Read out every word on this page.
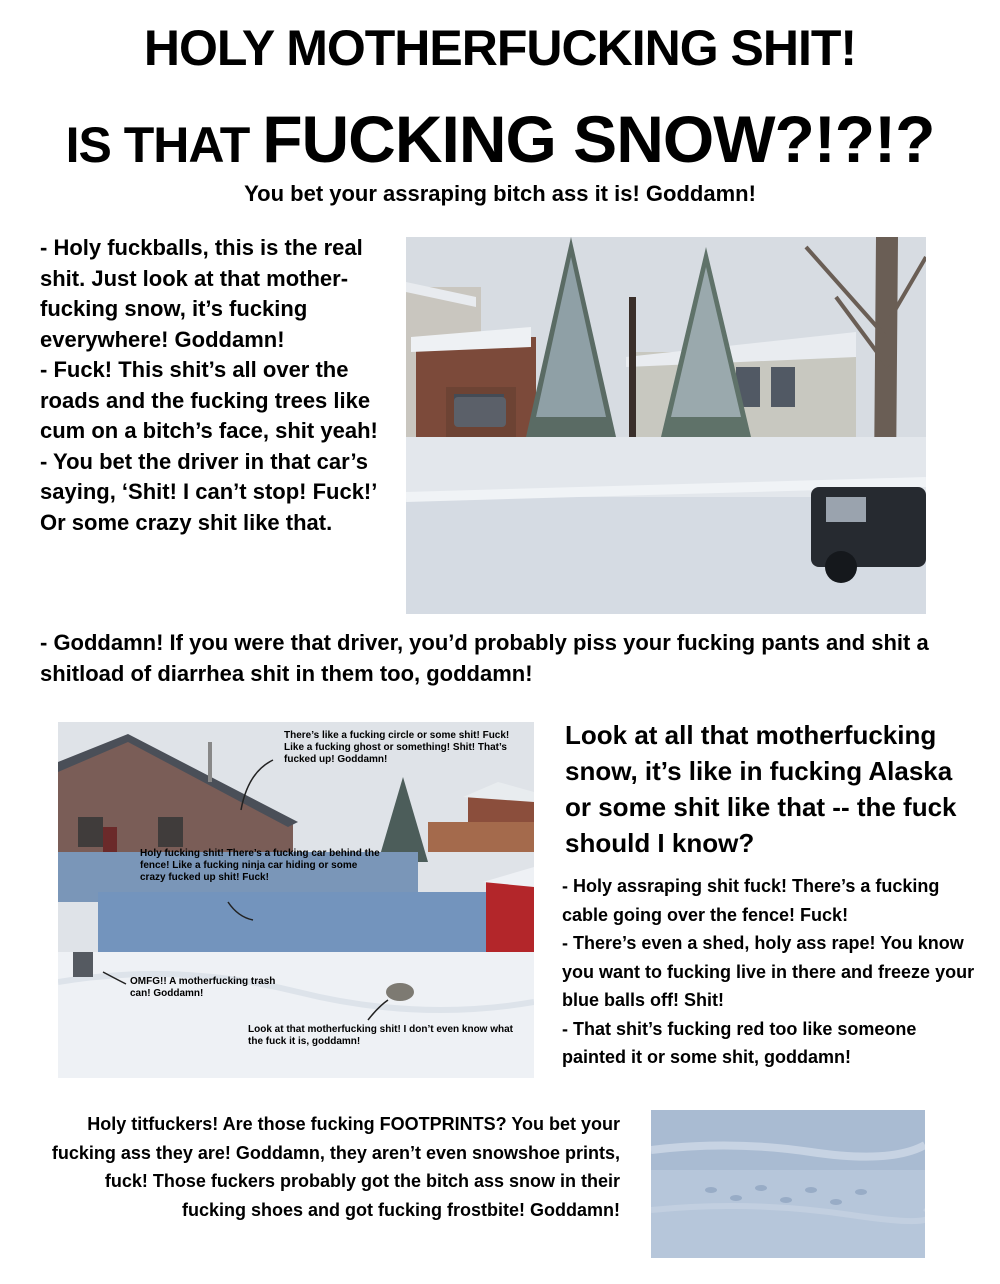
HOLY MOTHERFUCKING SHIT!
IS THAT FUCKING SNOW?!?!?
You bet your assraping bitch ass it is! Goddamn!

- Holy fuckballs, this is the real shit. Just look at that mother-fucking snow, it’s fucking everywhere! Goddamn!

- Fuck! This shit’s all over the roads and the fucking trees like cum on a bitch’s face, shit yeah!

- You bet the driver in that car’s saying, ‘Shit! I can’t stop! Fuck!’ Or some crazy shit like that.

- Goddamn! If you were that driver, you’d probably piss your fucking pants and shit a shitload of diarrhea shit in them too, goddamn!

There’s like a fucking circle or some shit! Fuck! Like a fucking ghost or something! Shit! That’s fucked up! Goddamn!
Holy fucking shit! There’s a fucking car behind the fence! Like a fucking ninja car hiding or some crazy fucked up shit! Fuck!
OMFG!! A motherfucking trash can! Goddamn!
Look at that motherfucking shit! I don’t even know what the fuck it is, goddamn!
Look at all that motherfucking snow, it’s like in fucking Alaska or some shit like that -- the fuck should I know?

- Holy assraping shit fuck! There’s a fucking cable going over the fence! Fuck!

- There’s even a shed, holy ass rape! You know you want to fucking live in there and freeze your blue balls off! Shit!

- That shit’s fucking red too like someone painted it or some shit, goddamn!

Holy titfuckers! Are those fucking FOOTPRINTS? You bet your fucking ass they are! Goddamn, they aren’t even snowshoe prints, fuck! Those fuckers probably got the bitch ass snow in their fucking shoes and got fucking frostbite! Goddamn!
